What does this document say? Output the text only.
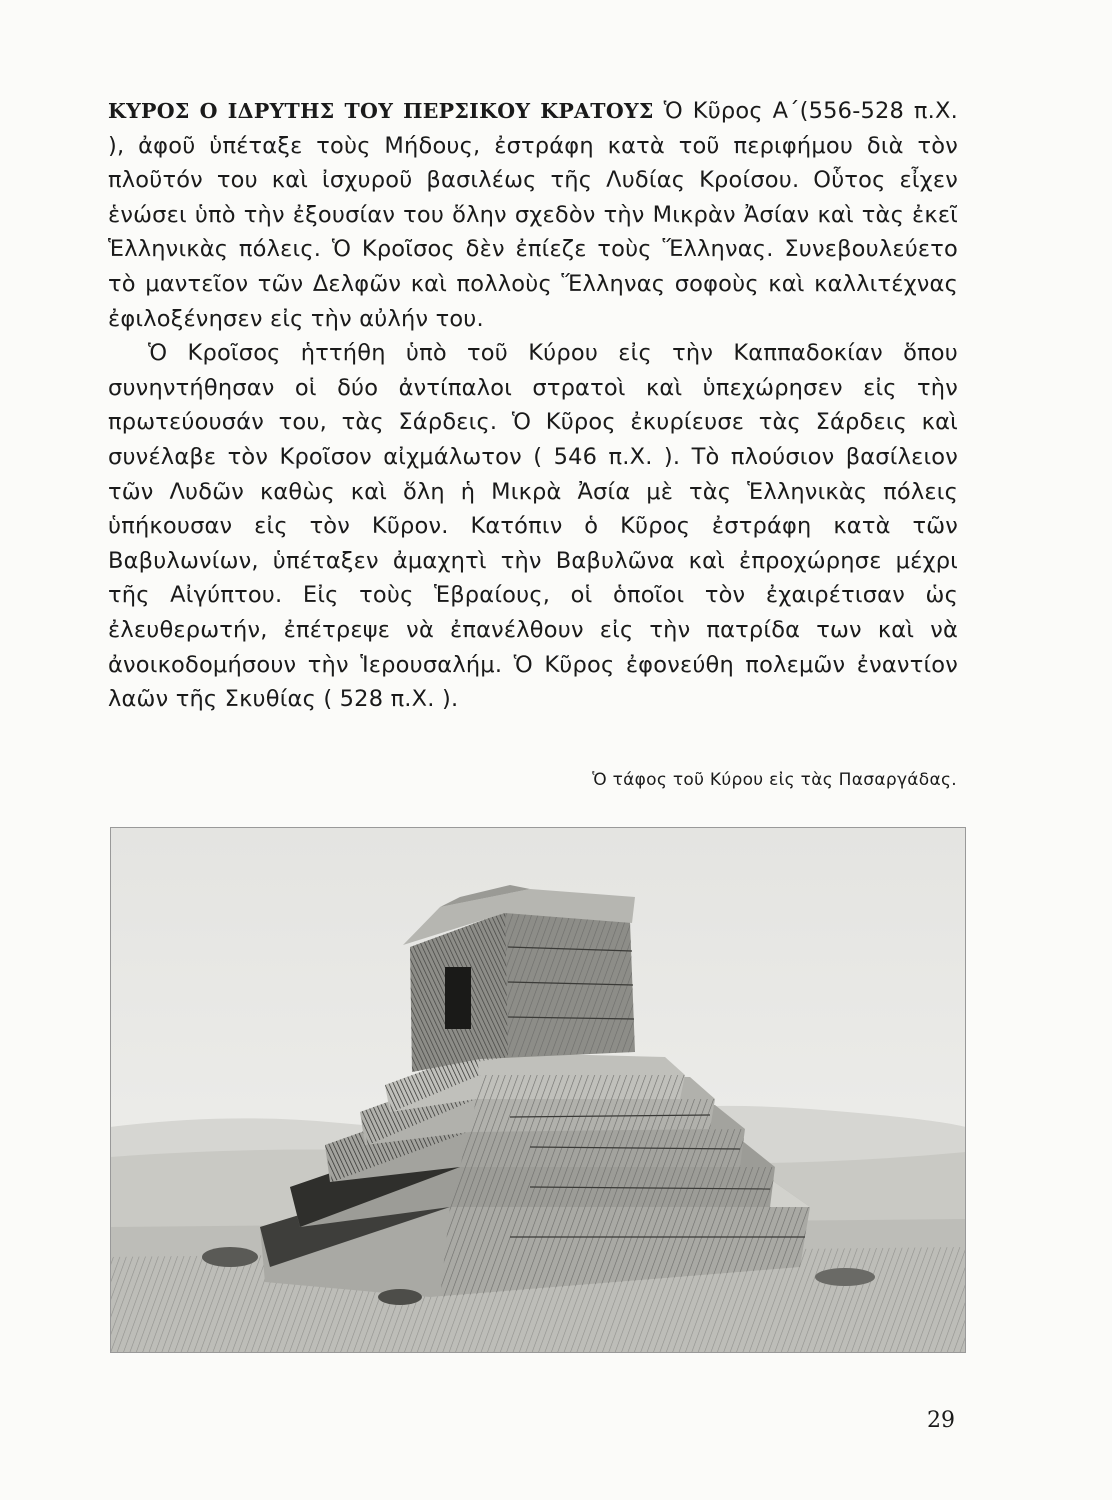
ΚΥΡΟΣ Ο ΙΔΡΥΤΗΣ ΤΟΥ ΠΕΡΣΙΚΟΥ ΚΡΑΤΟΥΣ Ὁ Κῦρος Α΄(556-528 π.Χ. ), ἀφοῦ ὑπέταξε τοὺς Μήδους, ἐστράφη κατὰ τοῦ περιφήμου διὰ τὸν πλοῦτόν του καὶ ἰσχυροῦ βασιλέως τῆς Λυδίας Κροίσου. Οὗτος εἶχεν ἑνώσει ὑπὸ τὴν ἐξουσίαν του ὅλην σχεδὸν τὴν Μικρὰν Ἀσίαν καὶ τὰς ἐκεῖ Ἑλληνικὰς πόλεις. Ὁ Κροῖσος δὲν ἐπίεζε τοὺς Ἕλληνας. Συνεβουλεύετο τὸ μαντεῖον τῶν Δελφῶν καὶ πολλοὺς Ἕλληνας σοφοὺς καὶ καλλιτέχνας ἐφιλοξένησεν εἰς τὴν αὐλήν του.

Ὁ Κροῖσος ἡττήθη ὑπὸ τοῦ Κύρου εἰς τὴν Καππαδοκίαν ὅπου συνηντήθησαν οἱ δύο ἀντίπαλοι στρατοὶ καὶ ὑπεχώρησεν εἰς τὴν πρωτεύουσάν του, τὰς Σάρδεις. Ὁ Κῦρος ἐκυρίευσε τὰς Σάρδεις καὶ συνέλαβε τὸν Κροῖσον αἰχμάλωτον ( 546 π.Χ. ). Τὸ πλούσιον βασίλειον τῶν Λυδῶν καθὼς καὶ ὅλη ἡ Μικρὰ Ἀσία μὲ τὰς Ἑλληνικὰς πόλεις ὑπήκουσαν εἰς τὸν Κῦρον. Κατόπιν ὁ Κῦρος ἐστράφη κατὰ τῶν Βαβυλωνίων, ὑπέταξεν ἀμαχητὶ τὴν Βαβυλῶνα καὶ ἐπροχώρησε μέχρι τῆς Αἰγύπτου. Εἰς τοὺς Ἑβραίους, οἱ ὁποῖοι τὸν ἐχαιρέτισαν ὡς ἐλευθερωτήν, ἐπέτρεψε νὰ ἐπανέλθουν εἰς τὴν πατρίδα των καὶ νὰ ἀνοικοδομήσουν τὴν Ἱερουσαλήμ. Ὁ Κῦρος ἐφονεύθη πολεμῶν ἐναντίον λαῶν τῆς Σκυθίας ( 528 π.Χ. ).

Ὁ τάφος τοῦ Κύρου εἰς τὰς Πασαργάδας.
29
